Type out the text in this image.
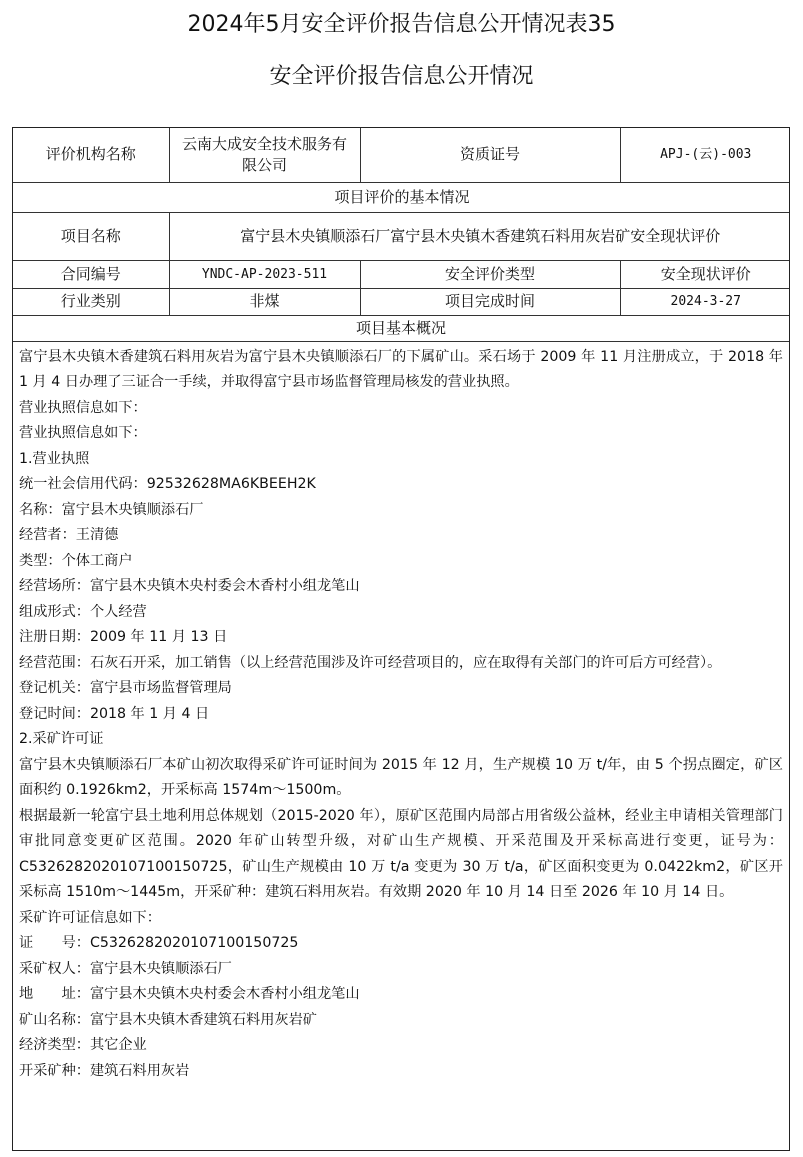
2024年5月安全评价报告信息公开情况表35
安全评价报告信息公开情况
评价机构名称	云南大成安全技术服务有限公司	资质证号	APJ-(云)-003
项目评价的基本情况			
项目名称	富宁县木央镇顺添石厂富宁县木央镇木香建筑石料用灰岩矿安全现状评价		
合同编号	YNDC-AP-2023-511	安全评价类型	安全现状评价
行业类别	非煤	项目完成时间	2024-3-27
项目基本概况

富宁县木央镇木香建筑石料用灰岩为富宁县木央镇顺添石厂的下属矿山。采石场于 2009 年 11 月注册成立，于 2018 年 1 月 4 日办理了三证合一手续，并取得富宁县市场监督管理局核发的营业执照。

营业执照信息如下：

营业执照信息如下：

1.营业执照

统一社会信用代码：92532628MA6KBEEH2K

名称：富宁县木央镇顺添石厂

经营者：王清德

类型：个体工商户

经营场所：富宁县木央镇木央村委会木香村小组龙笔山

组成形式：个人经营

注册日期：2009 年 11 月 13 日

经营范围：石灰石开采，加工销售（以上经营范围涉及许可经营项目的，应在取得有关部门的许可后方可经营）。

登记机关：富宁县市场监督管理局

登记时间：2018 年 1 月 4 日

2.采矿许可证

富宁县木央镇顺添石厂本矿山初次取得采矿许可证时间为 2015 年 12 月，生产规模 10 万 t/年，由 5 个拐点圈定，矿区面积约 0.1926km2，开采标高 1574m～1500m。

根据最新一轮富宁县土地利用总体规划（2015-2020 年），原矿区范围内局部占用省级公益林，经业主申请相关管理部门审批同意变更矿区范围。2020 年矿山转型升级，对矿山生产规模、开采范围及开采标高进行变更，证号为：C5326282020107100150725，矿山生产规模由 10 万 t/a 变更为 30 万 t/a，矿区面积变更为 0.0422km2，矿区开采标高 1510m～1445m，开采矿种：建筑石料用灰岩。有效期 2020 年 10 月 14 日至 2026 年 10 月 14 日。

采矿许可证信息如下：

证　　号：C5326282020107100150725

采矿权人：富宁县木央镇顺添石厂

地　　址：富宁县木央镇木央村委会木香村小组龙笔山

矿山名称：富宁县木央镇木香建筑石料用灰岩矿

经济类型：其它企业

开采矿种：建筑石料用灰岩
